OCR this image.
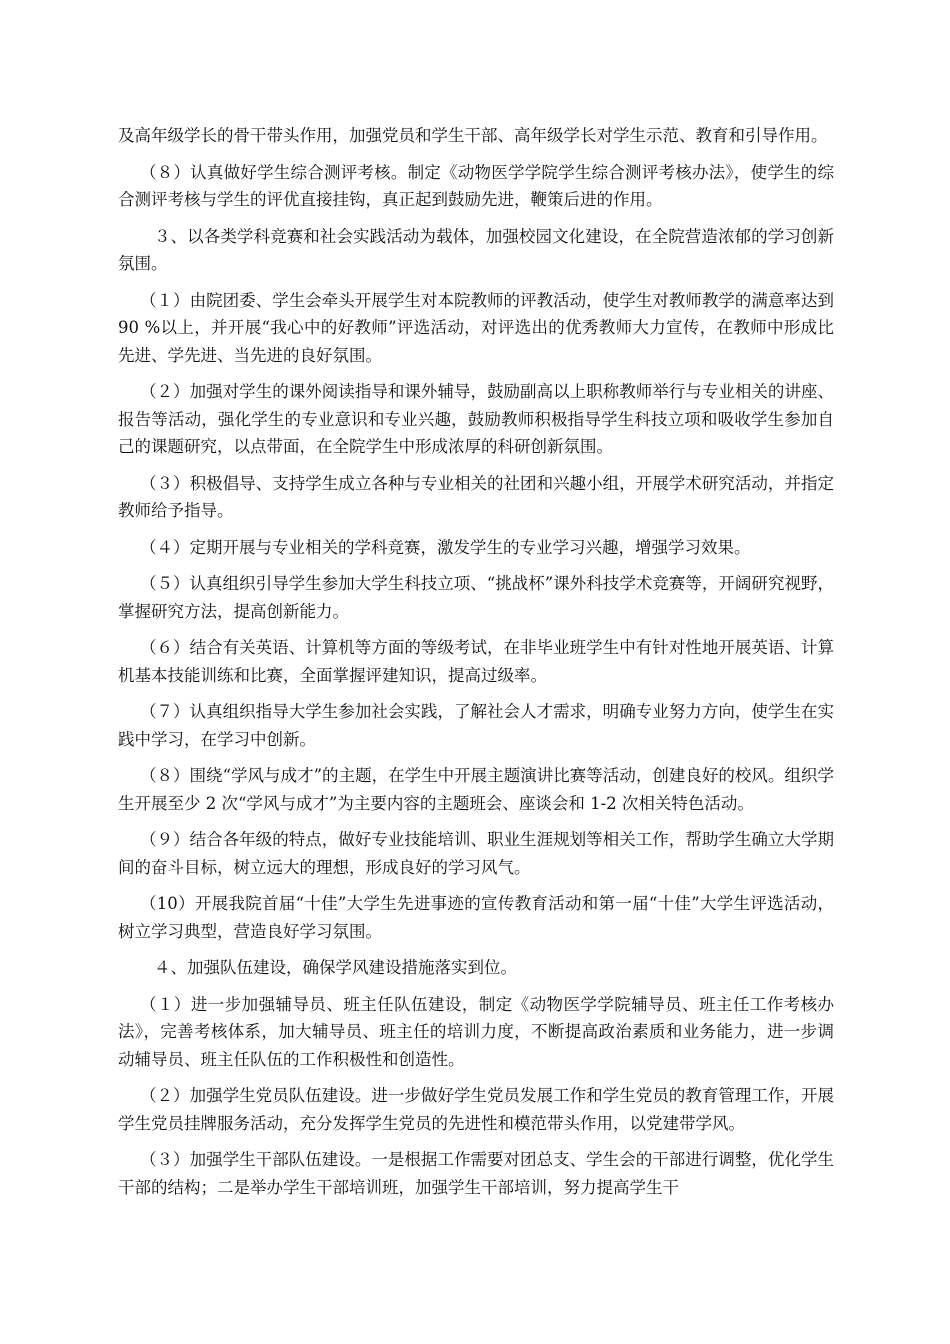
及高年级学长的骨干带头作用，加强党员和学生干部、高年级学长对学生示范、教育和引导作用。

（８）认真做好学生综合测评考核。制定《动物医学学院学生综合测评考核办法》，使学生的综合测评考核与学生的评优直接挂钩，真正起到鼓励先进，鞭策后进的作用。

３、以各类学科竞赛和社会实践活动为载体，加强校园文化建设，在全院营造浓郁的学习创新氛围。

（１）由院团委、学生会牵头开展学生对本院教师的评教活动，使学生对教师教学的满意率达到 90 %以上，并开展“我心中的好教师”评选活动，对评选出的优秀教师大力宣传，在教师中形成比先进、学先进、当先进的良好氛围。

（２）加强对学生的课外阅读指导和课外辅导，鼓励副高以上职称教师举行与专业相关的讲座、报告等活动，强化学生的专业意识和专业兴趣，鼓励教师积极指导学生科技立项和吸收学生参加自己的课题研究，以点带面，在全院学生中形成浓厚的科研创新氛围。

（３）积极倡导、支持学生成立各种与专业相关的社团和兴趣小组，开展学术研究活动，并指定教师给予指导。

（４）定期开展与专业相关的学科竞赛，激发学生的专业学习兴趣，增强学习效果。

（５）认真组织引导学生参加大学生科技立项、“挑战杯”课外科技学术竞赛等，开阔研究视野，掌握研究方法，提高创新能力。

（６）结合有关英语、计算机等方面的等级考试，在非毕业班学生中有针对性地开展英语、计算机基本技能训练和比赛，全面掌握评建知识，提高过级率。

（７）认真组织指导大学生参加社会实践，了解社会人才需求，明确专业努力方向，使学生在实践中学习，在学习中创新。

（８）围绕“学风与成才”的主题，在学生中开展主题演讲比赛等活动，创建良好的校风。组织学生开展至少 2 次“学风与成才”为主要内容的主题班会、座谈会和 1-2 次相关特色活动。

（９）结合各年级的特点，做好专业技能培训、职业生涯规划等相关工作，帮助学生确立大学期间的奋斗目标，树立远大的理想，形成良好的学习风气。

（10）开展我院首届“十佳”大学生先进事迹的宣传教育活动和第一届“十佳”大学生评选活动，树立学习典型，营造良好学习氛围。

４、加强队伍建设，确保学风建设措施落实到位。

（１）进一步加强辅导员、班主任队伍建设，制定《动物医学学院辅导员、班主任工作考核办法》，完善考核体系，加大辅导员、班主任的培训力度，不断提高政治素质和业务能力，进一步调动辅导员、班主任队伍的工作积极性和创造性。

（２）加强学生党员队伍建设。进一步做好学生党员发展工作和学生党员的教育管理工作，开展学生党员挂牌服务活动，充分发挥学生党员的先进性和模范带头作用，以党建带学风。

（３）加强学生干部队伍建设。一是根据工作需要对团总支、学生会的干部进行调整，优化学生干部的结构；二是举办学生干部培训班，加强学生干部培训，努力提高学生干
